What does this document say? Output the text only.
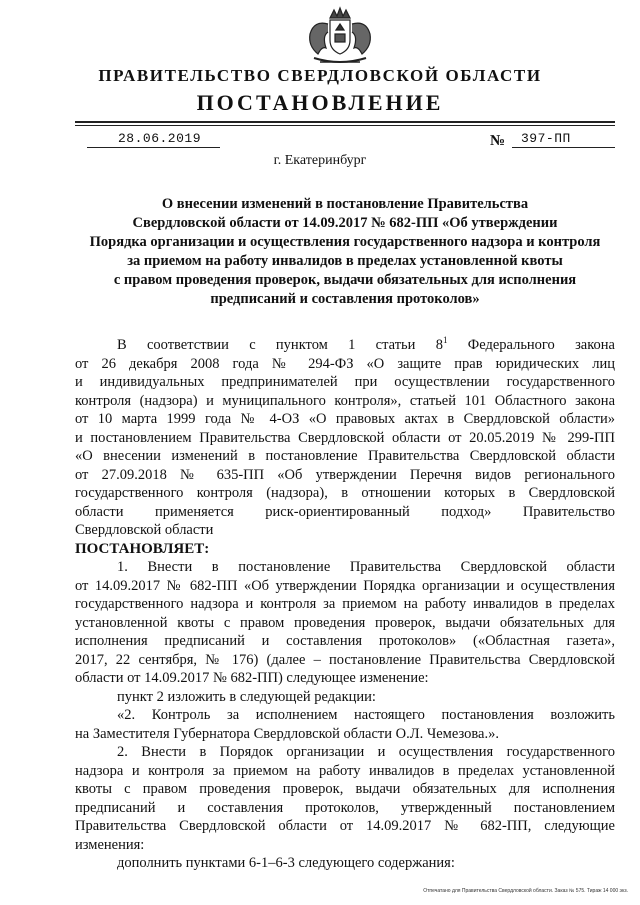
ПРАВИТЕЛЬСТВО СВЕРДЛОВСКОЙ ОБЛАСТИ
ПОСТАНОВЛЕНИЕ
28.06.2019	№ 397-ПП
г. Екатеринбург
О внесении изменений в постановление Правительства
Свердловской области от 14.09.2017 № 682-ПП «Об утверждении
Порядка организации и осуществления государственного надзора и контроля
за приемом на работу инвалидов в пределах установленной квоты
с правом проведения проверок, выдачи обязательных для исполнения
предписаний и составления протоколов»
В соответствии с пунктом 1 статьи $8^1$ Федерального закона
от 26 декабря 2008 года № 294-ФЗ «О защите прав юридических лиц
и индивидуальных предпринимателей при осуществлении государственного
контроля (надзора) и муниципального контроля», статьей 101 Областного закона
от 10 марта 1999 года № 4-ОЗ «О правовых актах в Свердловской области»
и постановлением Правительства Свердловской области от 20.05.2019 № 299-ПП
«О внесении изменений в постановление Правительства Свердловской области
от 27.09.2018 № 635-ПП «Об утверждении Перечня видов регионального
государственного контроля (надзора), в отношении которых в Свердловской
области применяется риск-ориентированный подход» Правительство
Свердловской области
ПОСТАНОВЛЯЕТ:
1. Внести в постановление Правительства Свердловской области
от 14.09.2017 № 682-ПП «Об утверждении Порядка организации и осуществления
государственного надзора и контроля за приемом на работу инвалидов в пределах
установленной квоты с правом проведения проверок, выдачи обязательных для
исполнения предписаний и составления протоколов» («Областная газета»,
2017, 22 сентября, № 176) (далее – постановление Правительства Свердловской
области от 14.09.2017 № 682-ПП) следующее изменение:
пункт 2 изложить в следующей редакции:
«2. Контроль за исполнением настоящего постановления возложить
на Заместителя Губернатора Свердловской области О.Л. Чемезова.».
2. Внести в Порядок организации и осуществления государственного
надзора и контроля за приемом на работу инвалидов в пределах установленной
квоты с правом проведения проверок, выдачи обязательных для исполнения
предписаний и составления протоколов, утвержденный постановлением
Правительства Свердловской области от 14.09.2017 № 682-ПП, следующие
изменения:
дополнить пунктами 6-1–6-3 следующего содержания:
Отпечатано для Правительства Свердловской области. Заказ № 575. Тираж 14 000 экз.
